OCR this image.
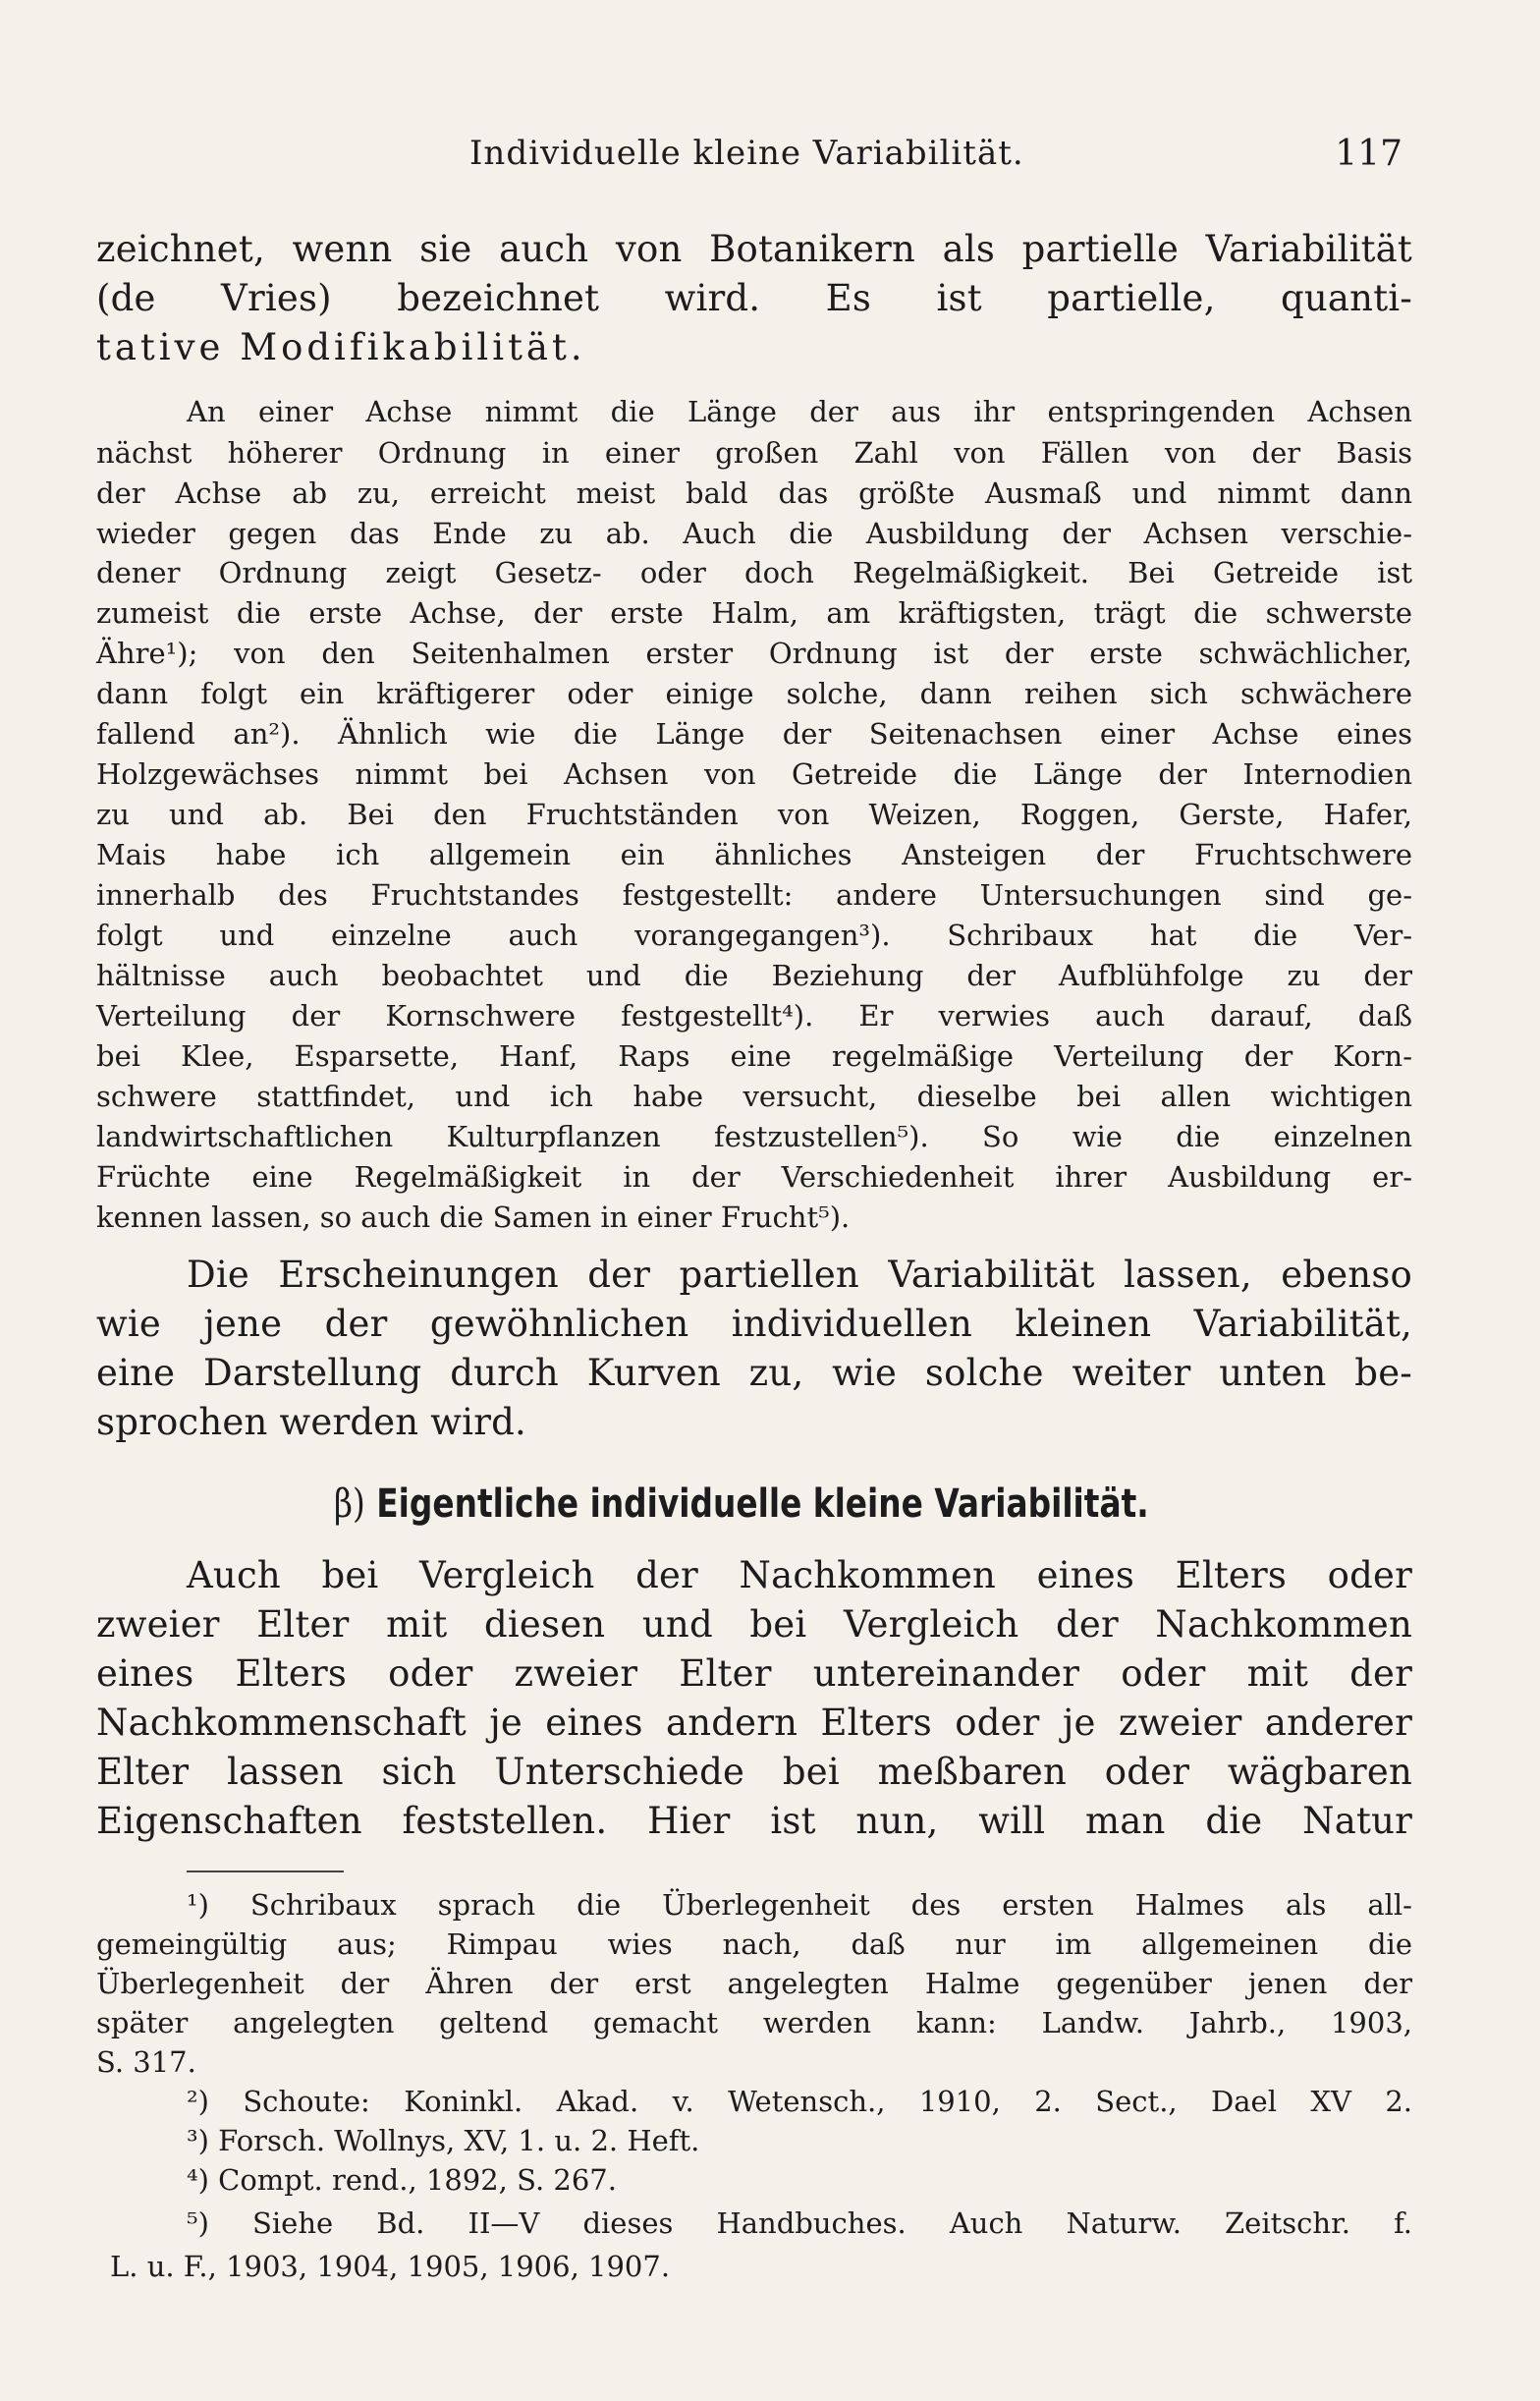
Individuelle kleine Variabilität.	117
zeichnet, wenn sie auch von Botanikern als partielle Variabilität
(de Vries) bezeichnet wird. Es ist partielle, quanti-
tative Modifikabilität.
An einer Achse nimmt die Länge der aus ihr entspringenden Achsen
nächst höherer Ordnung in einer großen Zahl von Fällen von der Basis
der Achse ab zu, erreicht meist bald das größte Ausmaß und nimmt dann
wieder gegen das Ende zu ab. Auch die Ausbildung der Achsen verschie-
dener Ordnung zeigt Gesetz- oder doch Regelmäßigkeit. Bei Getreide ist
zumeist die erste Achse, der erste Halm, am kräftigsten, trägt die schwerste
Ähre¹); von den Seitenhalmen erster Ordnung ist der erste schwächlicher,
dann folgt ein kräftigerer oder einige solche, dann reihen sich schwächere
fallend an²). Ähnlich wie die Länge der Seitenachsen einer Achse eines
Holzgewächses nimmt bei Achsen von Getreide die Länge der Internodien
zu und ab. Bei den Fruchtständen von Weizen, Roggen, Gerste, Hafer,
Mais habe ich allgemein ein ähnliches Ansteigen der Fruchtschwere
innerhalb des Fruchtstandes festgestellt: andere Untersuchungen sind ge-
folgt und einzelne auch vorangegangen³). Schribaux hat die Ver-
hältnisse auch beobachtet und die Beziehung der Aufblühfolge zu der
Verteilung der Kornschwere festgestellt⁴). Er verwies auch darauf, daß
bei Klee, Esparsette, Hanf, Raps eine regelmäßige Verteilung der Korn-
schwere stattfindet, und ich habe versucht, dieselbe bei allen wichtigen
landwirtschaftlichen Kulturpflanzen festzustellen⁵). So wie die einzelnen
Früchte eine Regelmäßigkeit in der Verschiedenheit ihrer Ausbildung er-
kennen lassen, so auch die Samen in einer Frucht⁵).
Die Erscheinungen der partiellen Variabilität lassen, ebenso
wie jene der gewöhnlichen individuellen kleinen Variabilität,
eine Darstellung durch Kurven zu, wie solche weiter unten be-
sprochen werden wird.
β) Eigentliche individuelle kleine Variabilität.
Auch bei Vergleich der Nachkommen eines Elters oder
zweier Elter mit diesen und bei Vergleich der Nachkommen
eines Elters oder zweier Elter untereinander oder mit der
Nachkommenschaft je eines andern Elters oder je zweier anderer
Elter lassen sich Unterschiede bei meßbaren oder wägbaren
Eigenschaften feststellen. Hier ist nun, will man die Natur
¹) Schribaux sprach die Überlegenheit des ersten Halmes als all-
gemeingültig aus; Rimpau wies nach, daß nur im allgemeinen die
Überlegenheit der Ähren der erst angelegten Halme gegenüber jenen der
später angelegten geltend gemacht werden kann: Landw. Jahrb., 1903,
S. 317.
²) Schoute: Koninkl. Akad. v. Wetensch., 1910, 2. Sect., Dael XV 2.
³) Forsch. Wollnys, XV, 1. u. 2. Heft.
⁴) Compt. rend., 1892, S. 267.
⁵) Siehe Bd. II—V dieses Handbuches. Auch Naturw. Zeitschr. f.
L. u. F., 1903, 1904, 1905, 1906, 1907.
